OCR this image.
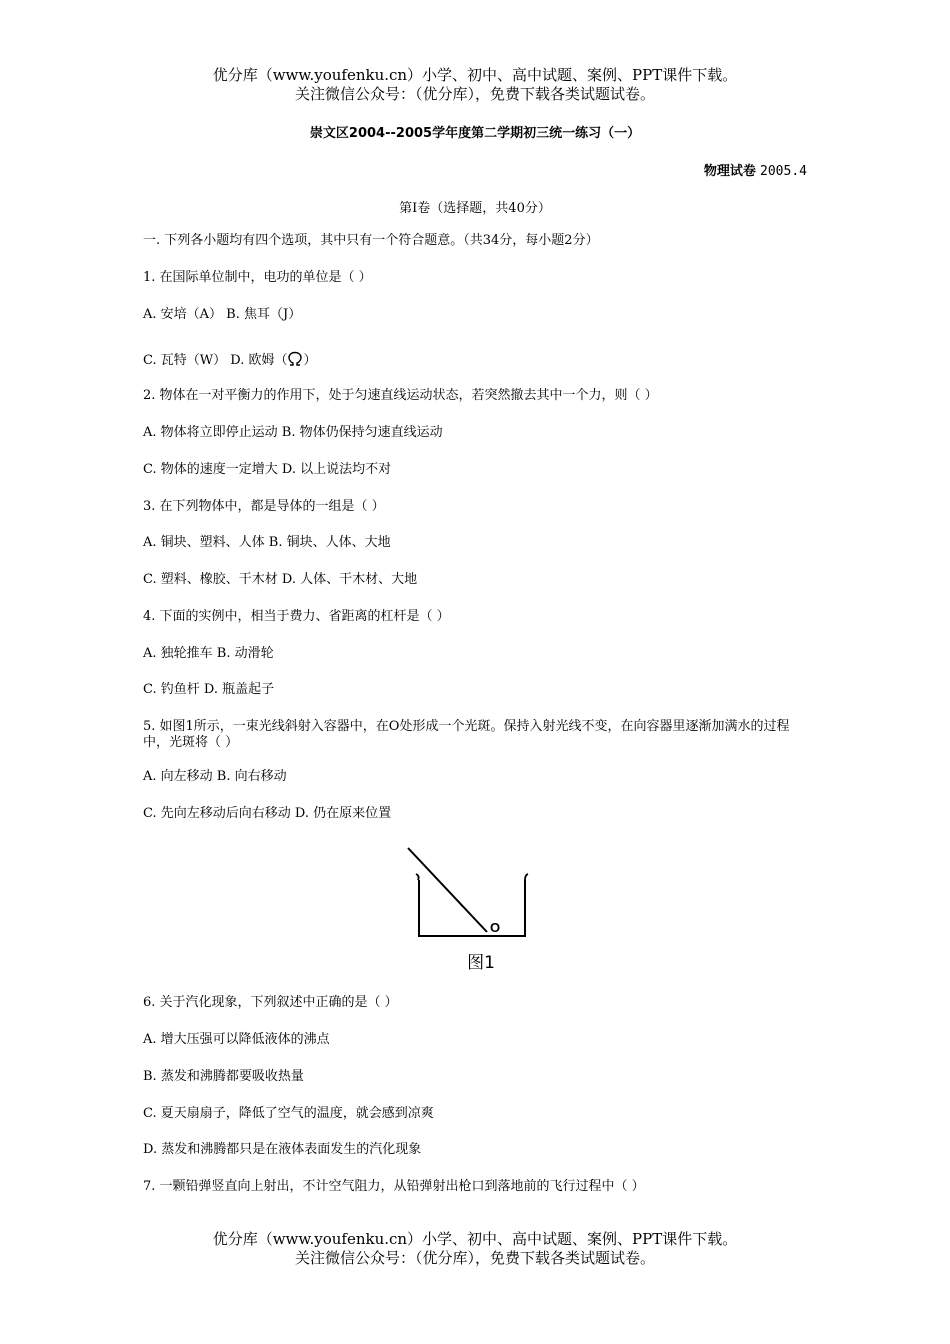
优分库（www.youfenku.cn）小学、初中、高中试题、案例、PPT课件下载。
关注微信公众号：（优分库），免费下载各类试题试卷。
崇文区2004--2005学年度第二学期初三统一练习（一）
物理试卷 2005.4
第I卷（选择题，共40分）
一. 下列各小题均有四个选项，其中只有一个符合题意。（共34分，每小题2分）
1. 在国际单位制中，电功的单位是（ ）
A. 安培（A） B. 焦耳（J）
C. 瓦特（W） D. 欧姆（ ）
2. 物体在一对平衡力的作用下，处于匀速直线运动状态，若突然撤去其中一个力，则（ ）
A. 物体将立即停止运动 B. 物体仍保持匀速直线运动
C. 物体的速度一定增大 D. 以上说法均不对
3. 在下列物体中，都是导体的一组是（ ）
A. 铜块、塑料、人体 B. 铜块、人体、大地
C. 塑料、橡胶、干木材 D. 人体、干木材、大地
4. 下面的实例中，相当于费力、省距离的杠杆是（ ）
A. 独轮推车 B. 动滑轮
C. 钓鱼杆 D. 瓶盖起子
5. 如图1所示，一束光线斜射入容器中，在O处形成一个光斑。保持入射光线不变，在向容器里逐渐加满水的过程中，光斑将（ ）
A. 向左移动 B. 向右移动
C. 先向左移动后向右移动 D. 仍在原来位置
O
图1
6. 关于汽化现象，下列叙述中正确的是（ ）
A. 增大压强可以降低液体的沸点
B. 蒸发和沸腾都要吸收热量
C. 夏天扇扇子，降低了空气的温度，就会感到凉爽
D. 蒸发和沸腾都只是在液体表面发生的汽化现象
7. 一颗铅弹竖直向上射出，不计空气阻力，从铅弹射出枪口到落地前的飞行过程中（ ）
优分库（www.youfenku.cn）小学、初中、高中试题、案例、PPT课件下载。
关注微信公众号：（优分库），免费下载各类试题试卷。
